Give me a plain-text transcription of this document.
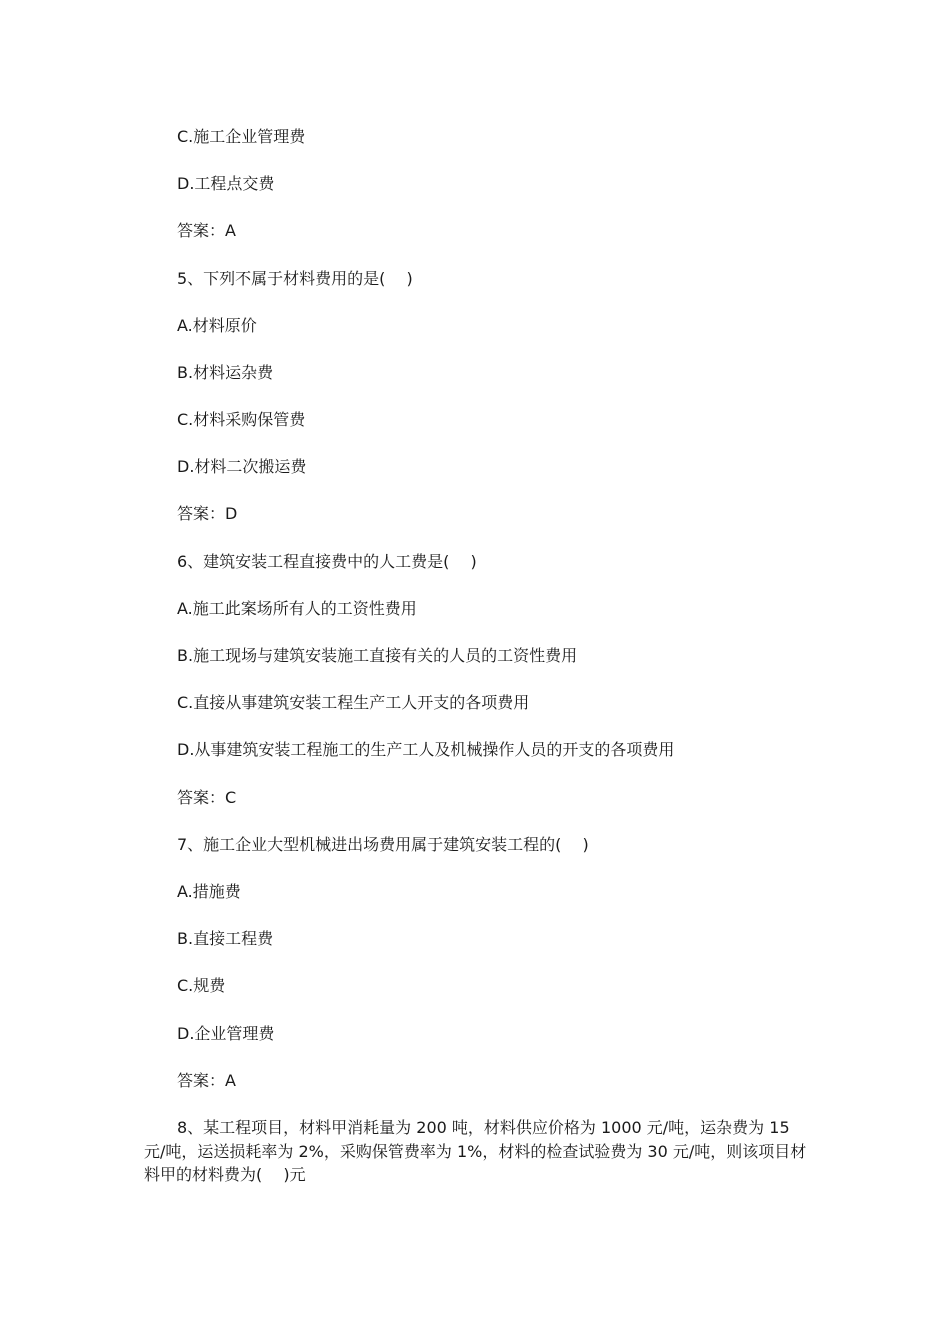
C.施工企业管理费
D.工程点交费
答案：A
5、下列不属于材料费用的是(　 )
A.材料原价
B.材料运杂费
C.材料采购保管费
D.材料二次搬运费
答案：D
6、建筑安装工程直接费中的人工费是(　 )
A.施工此案场所有人的工资性费用
B.施工现场与建筑安装施工直接有关的人员的工资性费用
C.直接从事建筑安装工程生产工人开支的各项费用
D.从事建筑安装工程施工的生产工人及机械操作人员的开支的各项费用
答案：C
7、施工企业大型机械进出场费用属于建筑安装工程的(　 )
A.措施费
B.直接工程费
C.规费
D.企业管理费
答案：A
8、某工程项目，材料甲消耗量为 200 吨，材料供应价格为 1000 元/吨，运杂费为 15 元/吨，运送损耗率为 2%，采购保管费率为 1%，材料的检查试验费为 30 元/吨，则该项目材料甲的材料费为(　 )元
